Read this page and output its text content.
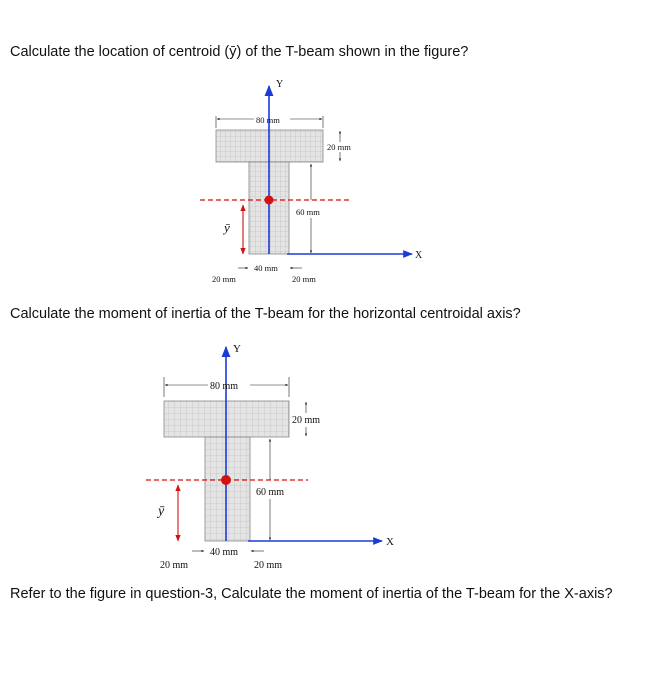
Calculate the location of centroid (ȳ) of the T-beam shown in the figure?
Calculate the moment of inertia of the T-beam for the horizontal centroidal axis?
Refer to the figure in question-3, Calculate the moment of inertia of the T-beam for the X-axis?
Y
X
ȳ
80 mm
20 mm
60 mm
40 mm
20 mm	20 mm
Y
X
ȳ
80 mm
20 mm
60 mm
40 mm
20 mm	20 mm
